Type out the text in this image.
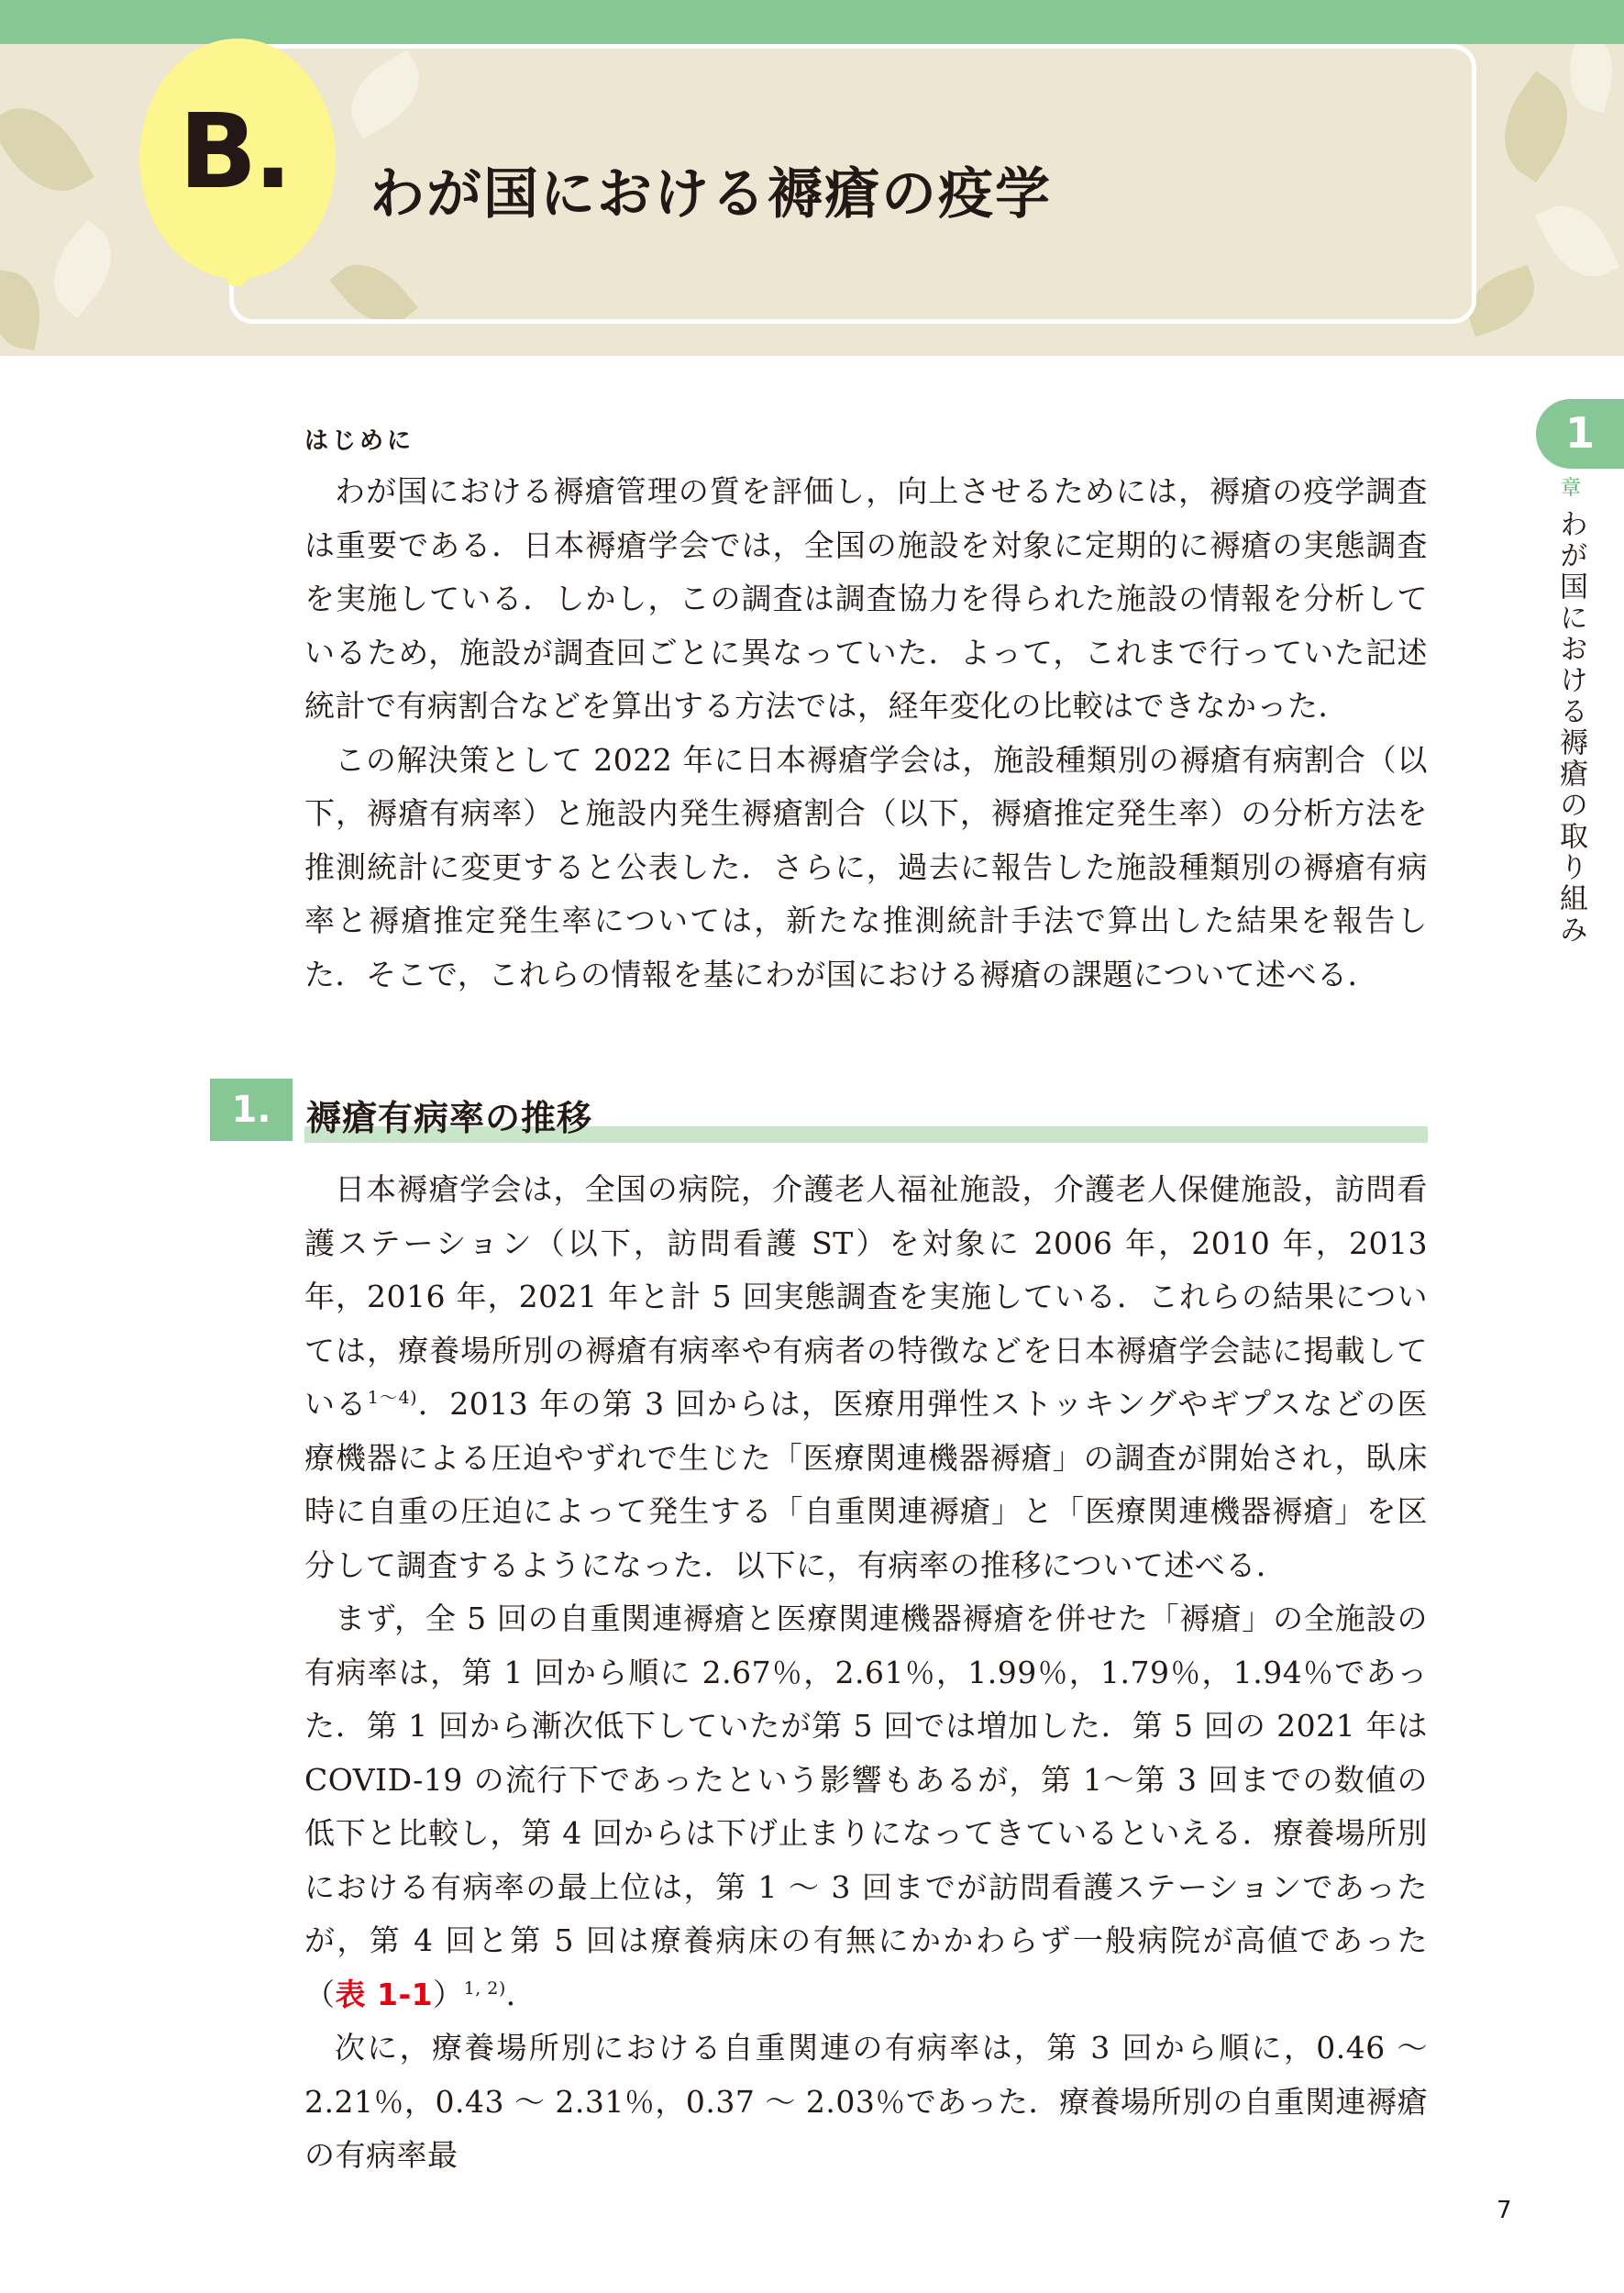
B.	わが国における褥瘡の疫学
1
章
わが国における褥瘡の取り組み
はじめに

わが国における褥瘡管理の質を評価し，向上させるためには，褥瘡の疫学調査は重要である．日本褥瘡学会では，全国の施設を対象に定期的に褥瘡の実態調査を実施している．しかし，この調査は調査協力を得られた施設の情報を分析しているため，施設が調査回ごとに異なっていた．よって，これまで行っていた記述統計で有病割合などを算出する方法では，経年変化の比較はできなかった．

この解決策として 2022 年に日本褥瘡学会は，施設種類別の褥瘡有病割合（以下，褥瘡有病率）と施設内発生褥瘡割合（以下，褥瘡推定発生率）の分析方法を推測統計に変更すると公表した．さらに，過去に報告した施設種類別の褥瘡有病率と褥瘡推定発生率については，新たな推測統計手法で算出した結果を報告した．そこで，これらの情報を基にわが国における褥瘡の課題について述べる．

1.	褥瘡有病率の推移

日本褥瘡学会は，全国の病院，介護老人福祉施設，介護老人保健施設，訪問看護ステーション（以下，訪問看護 ST）を対象に 2006 年，2010 年，2013 年，2016 年，2021 年と計 5 回実態調査を実施している．これらの結果については，療養場所別の褥瘡有病率や有病者の特徴などを日本褥瘡学会誌に掲載している$^{1\sim 4)}$．2013 年の第 3 回からは，医療用弾性ストッキングやギプスなどの医療機器による圧迫やずれで生じた「医療関連機器褥瘡」の調査が開始され，臥床時に自重の圧迫によって発生する「自重関連褥瘡」と「医療関連機器褥瘡」を区分して調査するようになった．以下に，有病率の推移について述べる．

まず，全 5 回の自重関連褥瘡と医療関連機器褥瘡を併せた「褥瘡」の全施設の有病率は，第 1 回から順に 2.67％，2.61％，1.99％，1.79％，1.94％であった．第 1 回から漸次低下していたが第 5 回では増加した．第 5 回の 2021 年は COVID-19 の流行下であったという影響もあるが，第 1～第 3 回までの数値の低下と比較し，第 4 回からは下げ止まりになってきているといえる．療養場所別における有病率の最上位は，第 1 ～ 3 回までが訪問看護ステーションであったが，第 4 回と第 5 回は療養病床の有無にかかわらず一般病院が高値であった（表 1-1）$^{1, 2)}$．

次に，療養場所別における自重関連の有病率は，第 3 回から順に，0.46 ～ 2.21％，0.43 ～ 2.31％，0.37 ～ 2.03％であった．療養場所別の自重関連褥瘡の有病率最

7
